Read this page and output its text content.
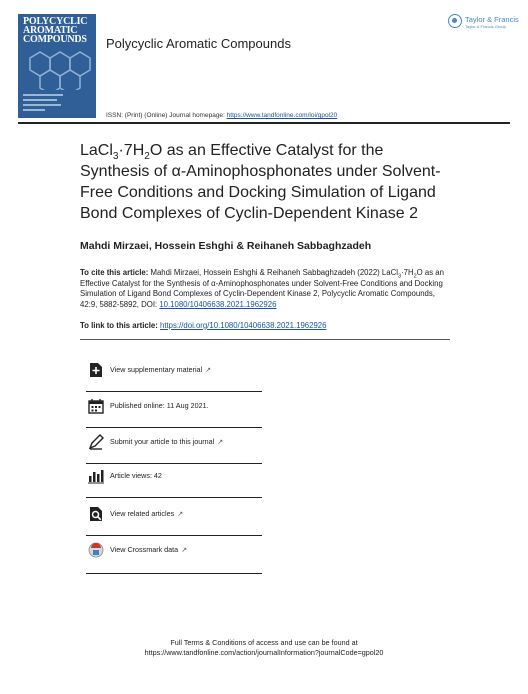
POLYCYCLIC
AROMATIC
COMPOUNDS Polycyclic Aromatic Compounds
Taylor & Francis
Taylor & Francis Group
ISSN: (Print) (Online) Journal homepage: https://www.tandfonline.com/loi/gpol20
$LaCl_3\cdot 7H_2O$ as an Effective Catalyst for the Synthesis of α-Aminophosphonates under Solvent-Free Conditions and Docking Simulation of Ligand Bond Complexes of Cyclin-Dependent Kinase 2
Mahdi Mirzaei, Hossein Eshghi & Reihaneh Sabbaghzadeh
To cite this article: Mahdi Mirzaei, Hossein Eshghi & Reihaneh Sabbaghzadeh (2022) $LaCl_3\cdot 7H_2O$ as an Effective Catalyst for the Synthesis of α-Aminophosphonates under Solvent-Free Conditions and Docking Simulation of Ligand Bond Complexes of Cyclin-Dependent Kinase 2, Polycyclic Aromatic Compounds, 42:9, 5882-5892, DOI: 10.1080/10406638.2021.1962926
To link to this article: https://doi.org/10.1080/10406638.2021.1962926
View supplementary material ↗
Published online: 11 Aug 2021.
Submit your article to this journal ↗
Article views: 42
View related articles ↗
View Crossmark data ↗
Full Terms & Conditions of access and use can be found at
https://www.tandfonline.com/action/journalInformation?journalCode=gpol20
